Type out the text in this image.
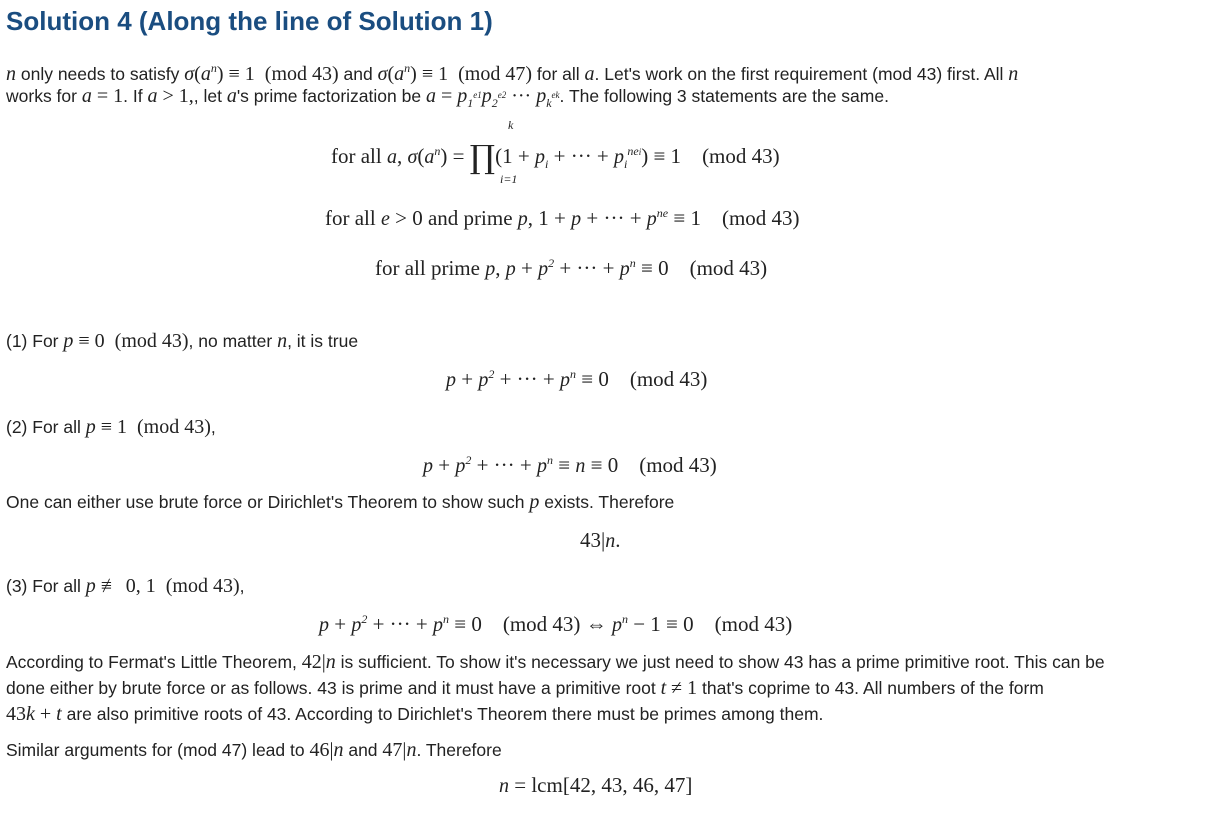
Solution 4 (Along the line of Solution 1)
n only needs to satisfy $\sigma(a^n) \equiv 1$  (mod 43) and $\sigma(a^n) \equiv 1$  (mod 47) for all a. Let's work on the first requirement (mod 43) first. All n
works for a = 1. If a > 1,, let a's prime factorization be $a = p_1^{e1}p_2^{e2}$ ··· $p_k^{ek}$. The following 3 statements are the same.
k
for all a, $\sigma(a^n)$ = ∏(1 + $p_i$ + ··· + $p_i^{nei}) \equiv 1$    (mod 43)
i=1
for all e > 0 and prime p, 1 + p + ··· + $p^{ne} \equiv 1$    (mod 43)
for all prime p, $p + p^2$ + ··· + $p^n \equiv 0$    (mod 43)
(1) For p ≡ 0  (mod 43), no matter n, it is true
$p + p^2$ + ··· + $p^n \equiv 0$    (mod 43)
(2) For all p ≡ 1  (mod 43),
$p + p^2$ + ··· + $p^n \equiv n \equiv 0$    (mod 43)
One can either use brute force or Dirichlet's Theorem to show such p exists. Therefore
43|n.
(3) For all p ≢ 0, 1  (mod 43),
$p + p^2$ + ··· + $p^n \equiv 0$    (mod 43) ⇔ $p^n - 1 \equiv 0$    (mod 43)
According to Fermat's Little Theorem, 42|n is sufficient. To show it's necessary we just need to show 43 has a prime primitive root. This can be
done either by brute force or as follows. 43 is prime and it must have a primitive root t ≠ 1 that's coprime to 43. All numbers of the form
43k + t are also primitive roots of 43. According to Dirichlet's Theorem there must be primes among them.
Similar arguments for (mod 47) lead to 46|n and 47|n. Therefore
n = lcm[42, 43, 46, 47]
